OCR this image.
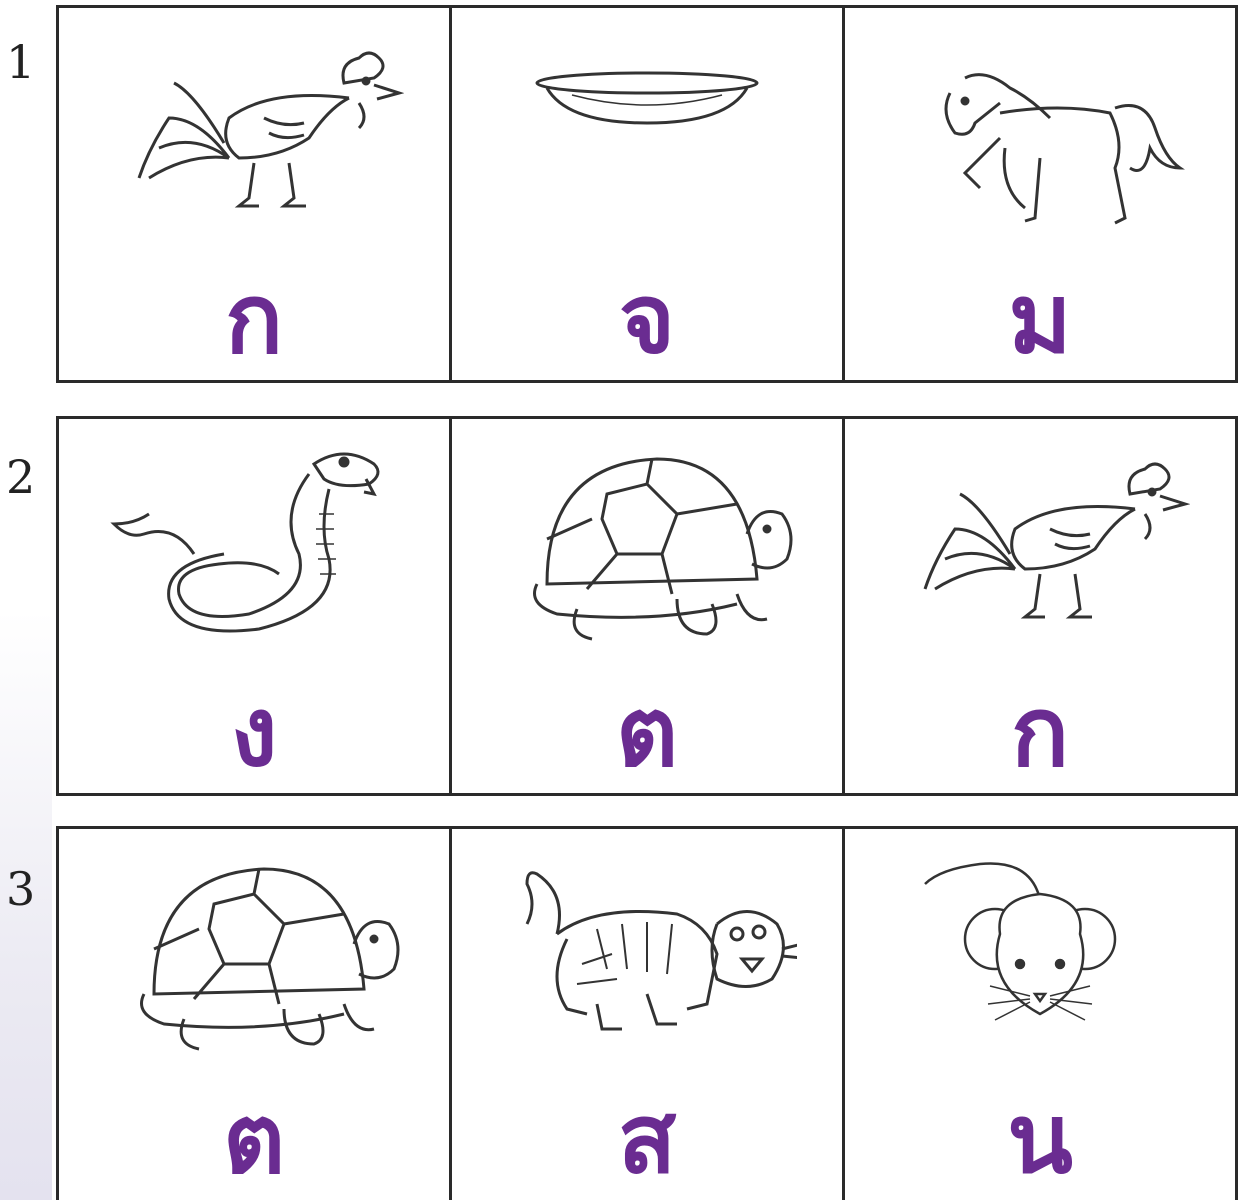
1
ก	จ	ม
2
ง	ต	ก
3
ต	ส	น
